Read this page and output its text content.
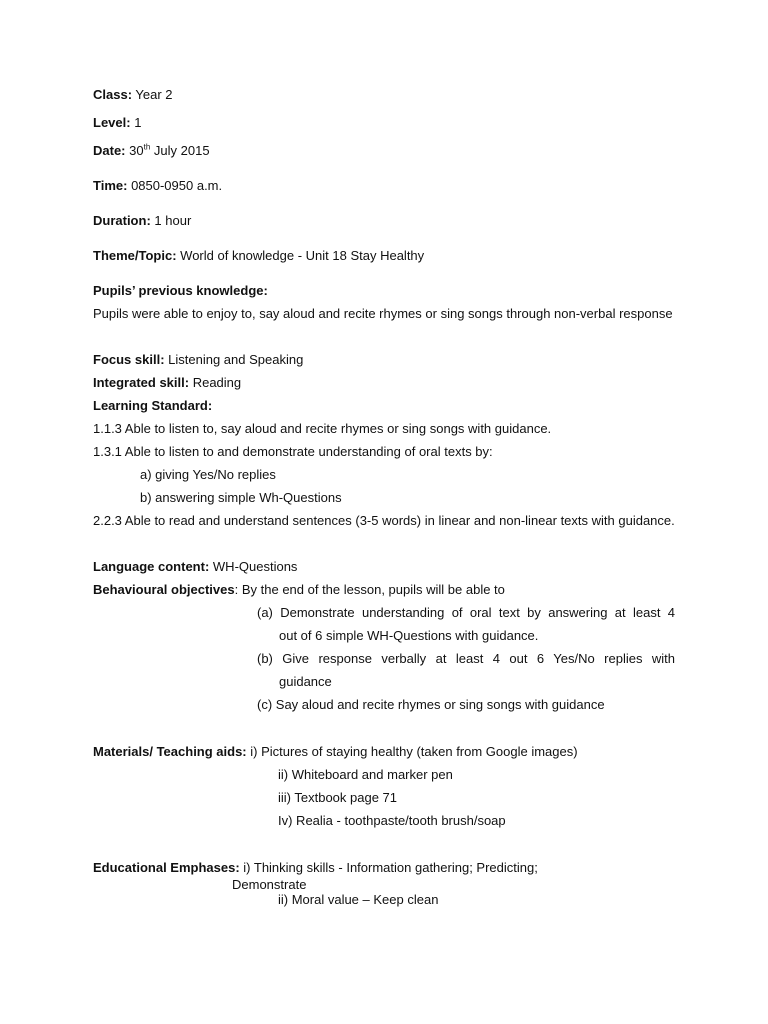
Class: Year 2
Level: 1
Date: 30th July 2015
Time: 0850-0950 a.m.
Duration: 1 hour
Theme/Topic: World of knowledge - Unit 18 Stay Healthy
Pupils’ previous knowledge:
Pupils were able to enjoy to, say aloud and recite rhymes or sing songs through non-verbal response
Focus skill: Listening and Speaking
Integrated skill: Reading
Learning Standard:
1.1.3 Able to listen to, say aloud and recite rhymes or sing songs with guidance.
1.3.1 Able to listen to and demonstrate understanding of oral texts by:
a) giving Yes/No replies
b) answering simple Wh-Questions
2.2.3 Able to read and understand sentences (3-5 words) in linear and non-linear texts with guidance.
Language content: WH-Questions
Behavioural objectives: By the end of the lesson, pupils will be able to
(a) Demonstrate understanding of oral text by answering at least 4
out of 6 simple WH-Questions with guidance.
(b) Give response verbally at least 4 out 6 Yes/No replies with
guidance
(c) Say aloud and recite rhymes or sing songs with guidance
Materials/ Teaching aids: i) Pictures of staying healthy (taken from Google images)
ii) Whiteboard and marker pen
iii) Textbook page 71
Iv) Realia - toothpaste/tooth brush/soap
Educational Emphases: i) Thinking skills - Information gathering; Predicting;
Demonstrate
ii) Moral value – Keep clean
